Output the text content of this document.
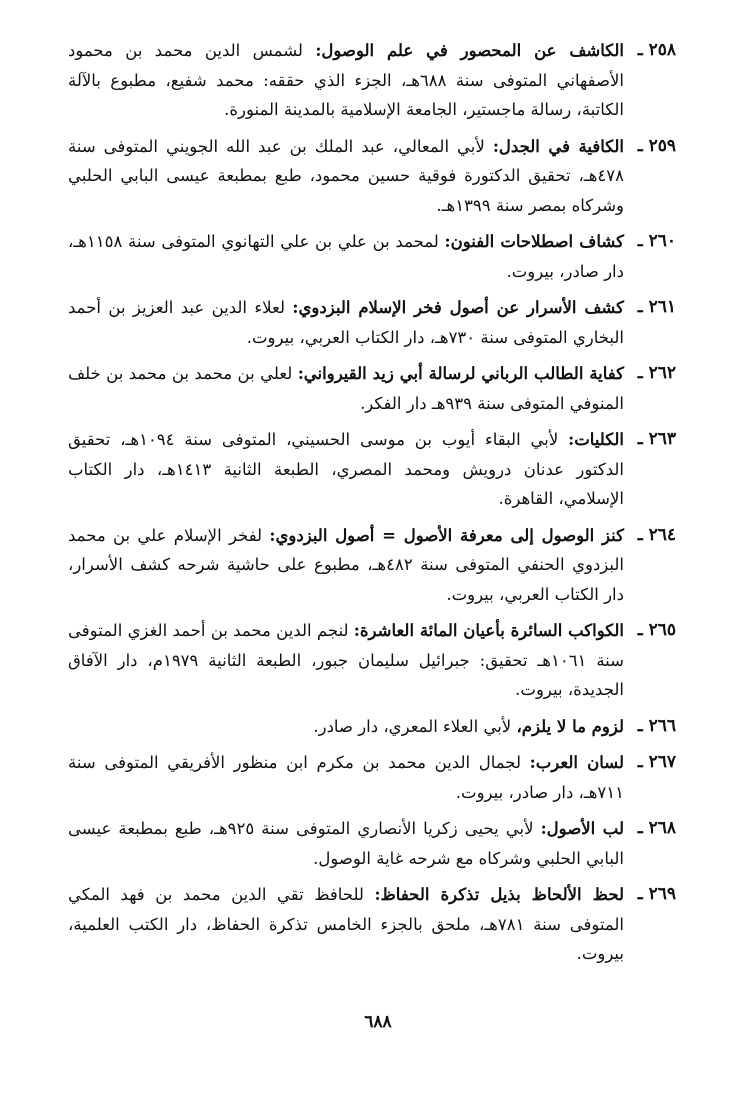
٢٥٨ ـ
الكاشف عن المحصور في علم الوصول: لشمس الدين محمد بن محمود الأصفهاني المتوفى سنة ٦٨٨هـ، الجزء الذي حققه: محمد شفيع، مطبوع بالآلة الكاتبة، رسالة ماجستير، الجامعة الإسلامية بالمدينة المنورة.
٢٥٩ ـ
الكافية في الجدل: لأبي المعالي، عبد الملك بن عبد الله الجويني المتوفى سنة ٤٧٨هـ، تحقيق الدكتورة فوقية حسين محمود، طبع بمطبعة عيسى البابي الحلبي وشركاه بمصر سنة ١٣٩٩هـ.
٢٦٠ ـ
كشاف اصطلاحات الفنون: لمحمد بن علي بن علي التهانوي المتوفى سنة ١١٥٨هـ، دار صادر، بيروت.
٢٦١ ـ
كشف الأسرار عن أصول فخر الإسلام البزدوي: لعلاء الدين عبد العزيز بن أحمد البخاري المتوفى سنة ٧٣٠هـ، دار الكتاب العربي، بيروت.
٢٦٢ ـ
كفاية الطالب الرباني لرسالة أبي زيد القيرواني: لعلي بن محمد بن محمد بن خلف المنوفي المتوفى سنة ٩٣٩هـ دار الفكر.
٢٦٣ ـ
الكليات: لأبي البقاء أيوب بن موسى الحسيني، المتوفى سنة ١٠٩٤هـ، تحقيق الدكتور عدنان درويش ومحمد المصري، الطبعة الثانية ١٤١٣هـ، دار الكتاب الإسلامي، القاهرة.
٢٦٤ ـ
كنز الوصول إلى معرفة الأصول = أصول البزدوي: لفخر الإسلام علي بن محمد البزدوي الحنفي المتوفى سنة ٤٨٢هـ، مطبوع على حاشية شرحه كشف الأسرار، دار الكتاب العربي، بيروت.
٢٦٥ ـ
الكواكب السائرة بأعيان المائة العاشرة: لنجم الدين محمد بن أحمد الغزي المتوفى سنة ١٠٦١هـ تحقيق: جبرائيل سليمان جبور، الطبعة الثانية ١٩٧٩م، دار الآفاق الجديدة، بيروت.
٢٦٦ ـ
لزوم ما لا يلزم، لأبي العلاء المعري، دار صادر.
٢٦٧ ـ
لسان العرب: لجمال الدين محمد بن مكرم ابن منظور الأفريقي المتوفى سنة ٧١١هـ، دار صادر، بيروت.
٢٦٨ ـ
لب الأصول: لأبي يحيى زكريا الأنصاري المتوفى سنة ٩٢٥هـ، طبع بمطبعة عيسى البابي الحلبي وشركاه مع شرحه غاية الوصول.
٢٦٩ ـ
لحظ الألحاظ بذيل تذكرة الحفاظ: للحافظ تقي الدين محمد بن فهد المكي المتوفى سنة ٧٨١هـ، ملحق بالجزء الخامس تذكرة الحفاظ، دار الكتب العلمية، بيروت.
٦٨٨
